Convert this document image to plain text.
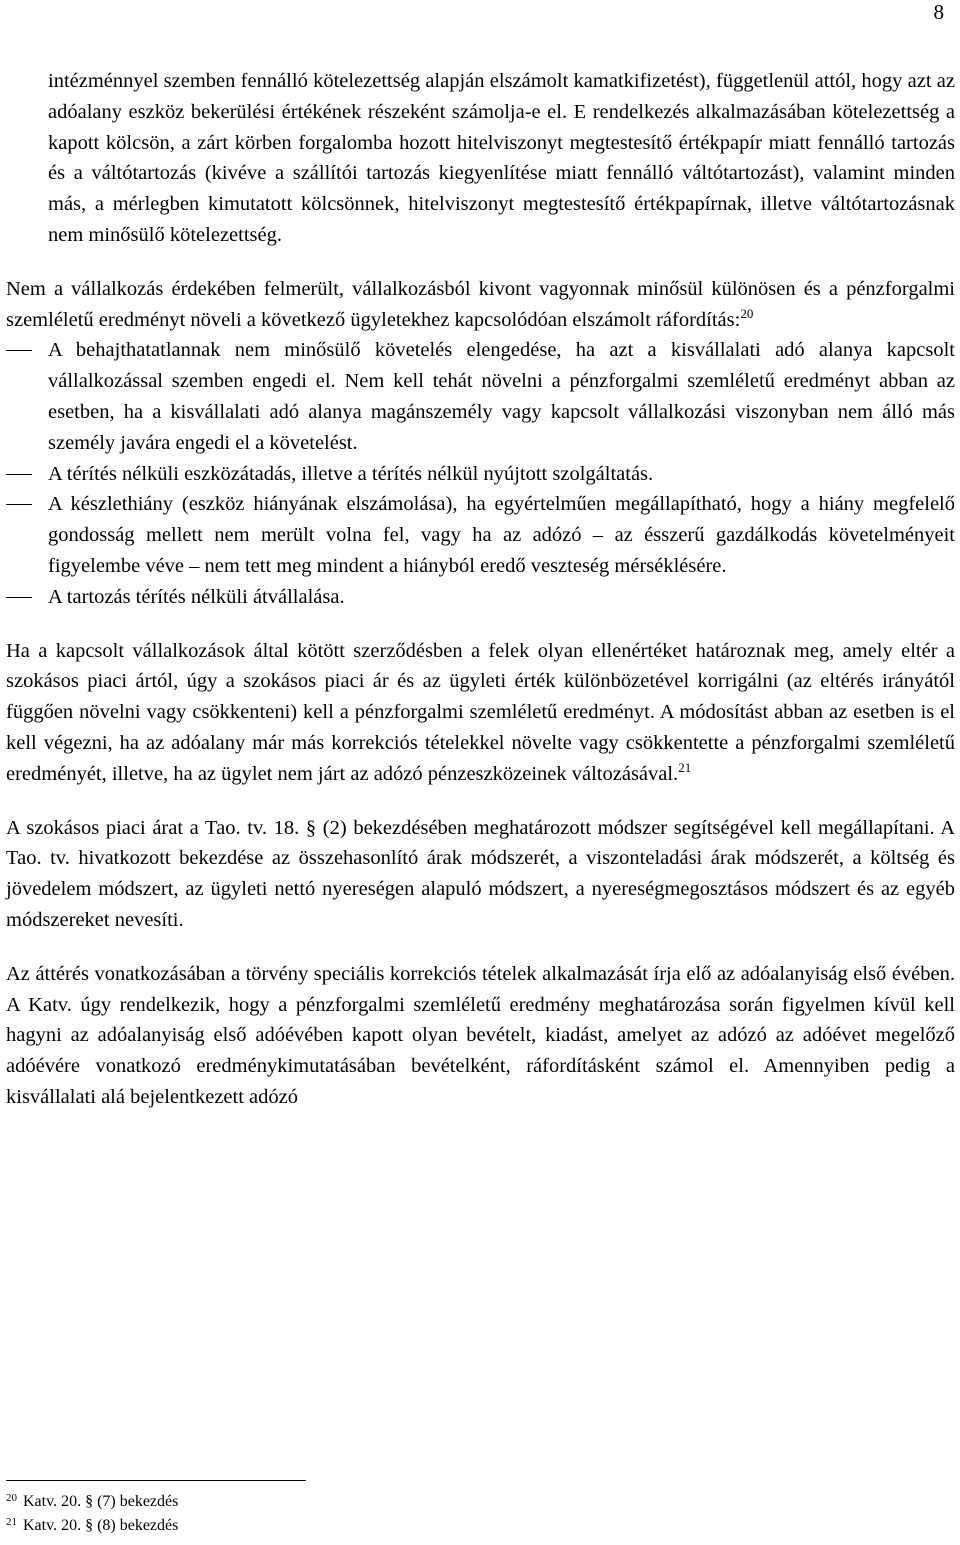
8

intézménnyel szemben fennálló kötelezettség alapján elszámolt kamatkifizetést), függetlenül attól, hogy azt az adóalany eszköz bekerülési értékének részeként számolja-e el. E rendelkezés alkalmazásában kötelezettség a kapott kölcsön, a zárt körben forgalomba hozott hitelviszonyt megtestesítő értékpapír miatt fennálló tartozás és a váltótartozás (kivéve a szállítói tartozás kiegyenlítése miatt fennálló váltótartozást), valamint minden más, a mérlegben kimutatott kölcsönnek, hitelviszonyt megtestesítő értékpapírnak, illetve váltótartozásnak nem minősülő kötelezettség.

Nem a vállalkozás érdekében felmerült, vállalkozásból kivont vagyonnak minősül különösen és a pénzforgalmi szemléletű eredményt növeli a következő ügyletekhez kapcsolódóan elszámolt ráfordítás:$^{20}$

A behajthatatlannak nem minősülő követelés elengedése, ha azt a kisvállalati adó alanya kapcsolt vállalkozással szemben engedi el. Nem kell tehát növelni a pénzforgalmi szemléletű eredményt abban az esetben, ha a kisvállalati adó alanya magánszemély vagy kapcsolt vállalkozási viszonyban nem álló más személy javára engedi el a követelést.
A térítés nélküli eszközátadás, illetve a térítés nélkül nyújtott szolgáltatás.
A készlethiány (eszköz hiányának elszámolása), ha egyértelműen megállapítható, hogy a hiány megfelelő gondosság mellett nem merült volna fel, vagy ha az adózó – az ésszerű gazdálkodás követelményeit figyelembe véve – nem tett meg mindent a hiányból eredő veszteség mérséklésére.
A tartozás térítés nélküli átvállalása.

Ha a kapcsolt vállalkozások által kötött szerződésben a felek olyan ellenértéket határoznak meg, amely eltér a szokásos piaci ártól, úgy a szokásos piaci ár és az ügyleti érték különbözetével korrigálni (az eltérés irányától függően növelni vagy csökkenteni) kell a pénzforgalmi szemléletű eredményt. A módosítást abban az esetben is el kell végezni, ha az adóalany már más korrekciós tételekkel növelte vagy csökkentette a pénzforgalmi szemléletű eredményét, illetve, ha az ügylet nem járt az adózó pénzeszközeinek változásával.$^{21}$

A szokásos piaci árat a Tao. tv. 18. § (2) bekezdésében meghatározott módszer segítségével kell megállapítani. A Tao. tv. hivatkozott bekezdése az összehasonlító árak módszerét, a viszonteladási árak módszerét, a költség és jövedelem módszert, az ügyleti nettó nyereségen alapuló módszert, a nyereségmegosztásos módszert és az egyéb módszereket nevesíti.

Az áttérés vonatkozásában a törvény speciális korrekciós tételek alkalmazását írja elő az adóalanyiság első évében. A Katv. úgy rendelkezik, hogy a pénzforgalmi szemléletű eredmény meghatározása során figyelmen kívül kell hagyni az adóalanyiság első adóévében kapott olyan bevételt, kiadást, amelyet az adózó az adóévet megelőző adóévére vonatkozó eredménykimutatásában bevételként, ráfordításként számol el. Amennyiben pedig a kisvállalati alá bejelentkezett adózó

$^{20}$ Katv. 20. § (7) bekezdés
$^{21}$ Katv. 20. § (8) bekezdés
